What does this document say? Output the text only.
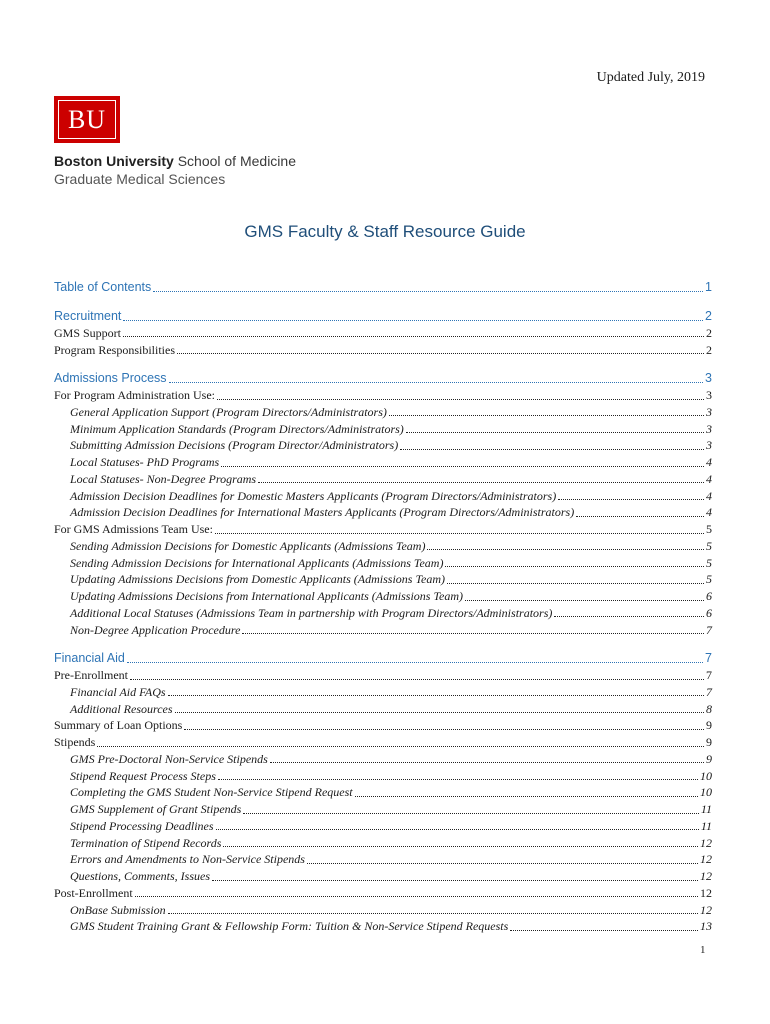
Updated July, 2019
BU
Boston University School of Medicine
Graduate Medical Sciences
GMS Faculty & Staff Resource Guide
Table of Contents	1
Recruitment	2
GMS Support	2
Program Responsibilities	2
Admissions Process	3
For Program Administration Use:	3
General Application Support (Program Directors/Administrators)	3
Minimum Application Standards (Program Directors/Administrators)	3
Submitting Admission Decisions (Program Director/Administrators)	3
Local Statuses- PhD Programs	4
Local Statuses- Non-Degree Programs	4
Admission Decision Deadlines for Domestic Masters Applicants (Program Directors/Administrators)	4
Admission Decision Deadlines for International Masters Applicants (Program Directors/Administrators)	4
For GMS Admissions Team Use:	5
Sending Admission Decisions for Domestic Applicants (Admissions Team)	5
Sending Admission Decisions for International Applicants (Admissions Team)	5
Updating Admissions Decisions from Domestic Applicants (Admissions Team)	5
Updating Admissions Decisions from International Applicants (Admissions Team)	6
Additional Local Statuses (Admissions Team in partnership with Program Directors/Administrators)	6
Non-Degree Application Procedure	7
Financial Aid	7
Pre-Enrollment	7
Financial Aid FAQs	7
Additional Resources	8
Summary of Loan Options	9
Stipends	9
GMS Pre-Doctoral Non-Service Stipends	9
Stipend Request Process Steps	10
Completing the GMS Student Non-Service Stipend Request	10
GMS Supplement of Grant Stipends	11
Stipend Processing Deadlines	11
Termination of Stipend Records	12
Errors and Amendments to Non-Service Stipends	12
Questions, Comments, Issues	12
Post-Enrollment	12
OnBase Submission	12
GMS Student Training Grant & Fellowship Form: Tuition & Non-Service Stipend Requests	13
1
